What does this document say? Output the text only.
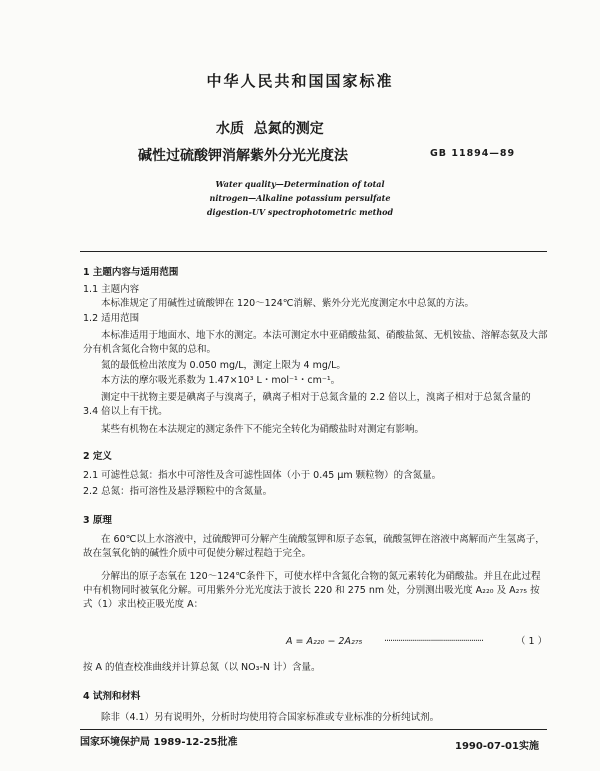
中华人民共和国国家标准
水质  总氮的测定
碱性过硫酸钾消解紫外分光光度法	GB 11894—89
Water quality—Determination of total
nitrogen—Alkaline potassium persulfate
digestion-UV spectrophotometric method
1 主题内容与适用范围
1.1 主题内容
本标准规定了用碱性过硫酸钾在 120～124℃消解、紫外分光光度测定水中总氮的方法。
1.2 适用范围
本标准适用于地面水、地下水的测定。本法可测定水中亚硝酸盐氮、硝酸盐氮、无机铵盐、溶解态氨及大部分有机含氮化合物中氮的总和。
氮的最低检出浓度为 0.050 mg/L，测定上限为 4 mg/L。
本方法的摩尔吸光系数为 1.47×10³ L・mol⁻¹・cm⁻¹。
测定中干扰物主要是碘离子与溴离子，碘离子相对于总氮含量的 2.2 倍以上，溴离子相对于总氮含量的 3.4 倍以上有干扰。
某些有机物在本法规定的测定条件下不能完全转化为硝酸盐时对测定有影响。
2 定义
2.1 可滤性总氮：指水中可溶性及含可滤性固体（小于 0.45 μm 颗粒物）的含氮量。
2.2 总氮：指可溶性及悬浮颗粒中的含氮量。
3 原理
在 60℃以上水溶液中，过硫酸钾可分解产生硫酸氢钾和原子态氧，硫酸氢钾在溶液中离解而产生氢离子，故在氢氧化钠的碱性介质中可促使分解过程趋于完全。
分解出的原子态氧在 120～124℃条件下，可使水样中含氮化合物的氮元素转化为硝酸盐。并且在此过程中有机物同时被氧化分解。可用紫外分光光度法于波长 220 和 275 nm 处，分别测出吸光度 A₂₂₀ 及 A₂₇₅ 按式（1）求出校正吸光度 A：
A = A₂₂₀ − 2A₂₇₅ ·················································	（ 1 ）
按 A 的值查校准曲线并计算总氮（以 NO₃-N 计）含量。
4 试剂和材料
除非（4.1）另有说明外，分析时均使用符合国家标准或专业标准的分析纯试剂。
国家环境保护局 1989-12-25批准	1990-07-01实施
